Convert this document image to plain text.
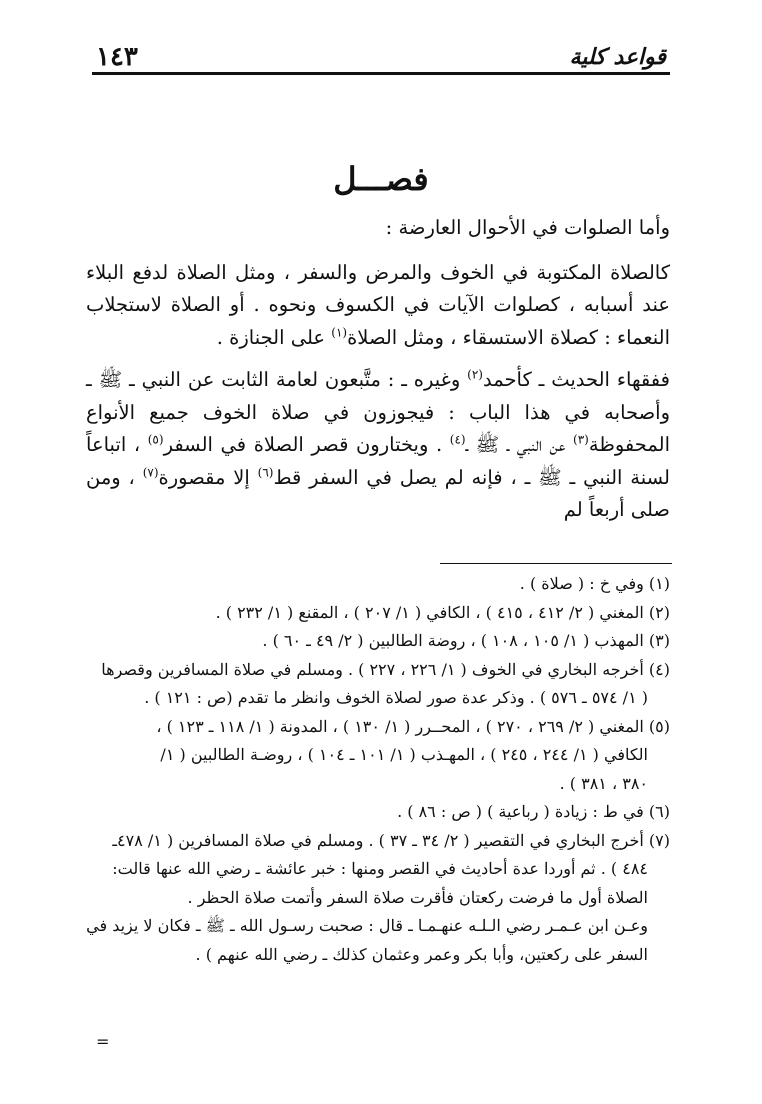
قواعد كلية
١٤٣
فصـــل

وأما الصلوات في الأحوال العارضة :

كالصلاة المكتوبة في الخوف والمرض والسفر ، ومثل الصلاة لدفع البلاء عند أسبابه ، كصلوات الآيات في الكسوف ونحوه . أو الصلاة لاستجلاب النعماء : كصلاة الاستسقاء ، ومثل الصلاة$^{(١)}$ على الجنازة .

ففقهاء الحديث ـ كأحمد$^{(٢)}$ وغيره ـ : متَّبعون لعامة الثابت عن النبي ـ ﷺ ـ وأصحابه في هذا الباب : فيجوزون في صلاة الخوف جميع الأنواع المحفوظة$^{(٣)}$ عن النبي ـ ﷺ ـ$^{(٤)}$ . ويختارون قصر الصلاة في السفر$^{(٥)}$ ، اتباعاً لسنة النبي ـ ﷺ ـ ، فإنه لم يصل في السفر قط$^{(٦)}$ إلا مقصورة$^{(٧)}$ ، ومن صلى أربعاً لم

(١) وفي خ : ( صلاة ) .

(٢) المغني ( ٢/ ٤١٢ ، ٤١٥ ) ، الكافي ( ١/ ٢٠٧ ) ، المقنع ( ١/ ٢٣٢ ) .

(٣) المهذب ( ١/ ١٠٥ ، ١٠٨ ) ، روضة الطالبين ( ٢/ ٤٩ ـ ٦٠ ) .

(٤) أخرجه البخاري في الخوف ( ١/ ٢٢٦ ، ٢٢٧ ) . ومسلم في صلاة المسافرين وقصرها

( ١/ ٥٧٤ ـ ٥٧٦ ) . وذكر عدة صور لصلاة الخوف وانظر ما تقدم (ص : ١٢١ ) .

(٥) المغني ( ٢/ ٢٦٩ ، ٢٧٠ ) ، المحــرر ( ١/ ١٣٠ ) ، المدونة ( ١/ ١١٨ ـ ١٢٣ ) ،

الكافي ( ١/ ٢٤٤ ، ٢٤٥ ) ، المهـذب ( ١/ ١٠١ ـ ١٠٤ ) ، روضـة الطالبين ( ١/

٣٨٠ ، ٣٨١ ) .

(٦) في ط : زيادة ( رباعية ) ( ص : ٨٦ ) .

(٧) أخرج البخاري في التقصير ( ٢/ ٣٤ ـ ٣٧ ) . ومسلم في صلاة المسافرين ( ١/ ٤٧٨ـ

٤٨٤ ) . ثم أوردا عدة أحاديث في القصر ومنها : خبر عائشة ـ رضي الله عنها قالت:

الصلاة أول ما فرضت ركعتان فأقرت صلاة السفر وأتمت صلاة الحظر .

وعـن ابن عـمـر رضي الـلـه عنهـمـا ـ قال : صحبت رسـول الله ـ ﷺ ـ فكان لا يزيد في

السفر على ركعتين، وأبا بكر وعمر وعثمان كذلك ـ رضي الله عنهم ) .

=
